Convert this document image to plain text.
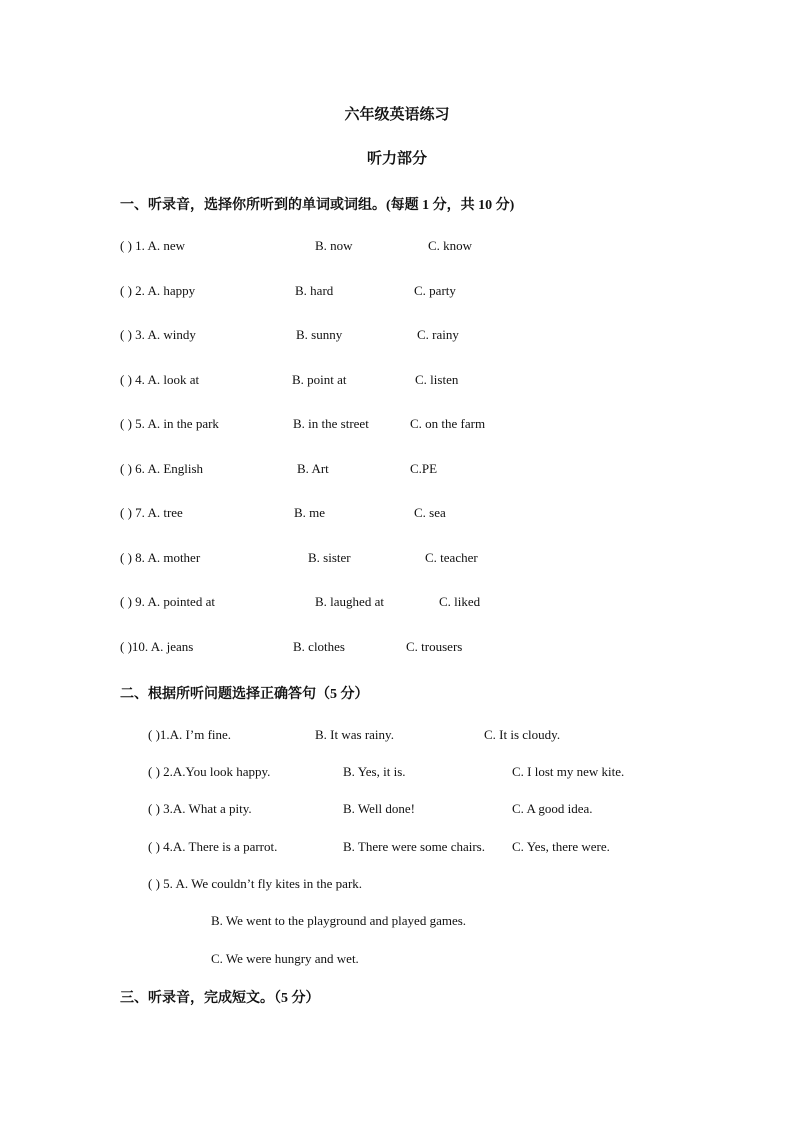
六年级英语练习
听力部分
一、听录音，选择你所听到的单词或词组。(每题 1 分，共 10 分)
( ) 1. A. new	B. now	C. know
( ) 2. A. happy	B. hard	C. party
( ) 3. A. windy	B. sunny	C. rainy
( ) 4. A. look at	B. point at	C. listen
( ) 5. A. in the park	B. in the street	C. on the farm
( ) 6. A. English	B. Art	C.PE
( ) 7. A. tree	B. me	C. sea
( ) 8. A. mother	B. sister	C. teacher
( ) 9. A. pointed at	B. laughed at	C. liked
( )10. A. jeans	B. clothes	C. trousers
二、根据所听问题选择正确答句（5 分）
( )1.A. I’m fine.	B. It was rainy.	C. It is cloudy.
( ) 2.A.You look happy.	B. Yes, it is.	C. I lost my new kite.
( ) 3.A. What a pity.	B. Well done!	C. A good idea.
( ) 4.A. There is a parrot.	B. There were some chairs. C. Yes, there were.
( ) 5. A. We couldn’t fly kites in the park.
B. We went to the playground and played games.
C. We were hungry and wet.
三、听录音，完成短文。（5 分）
